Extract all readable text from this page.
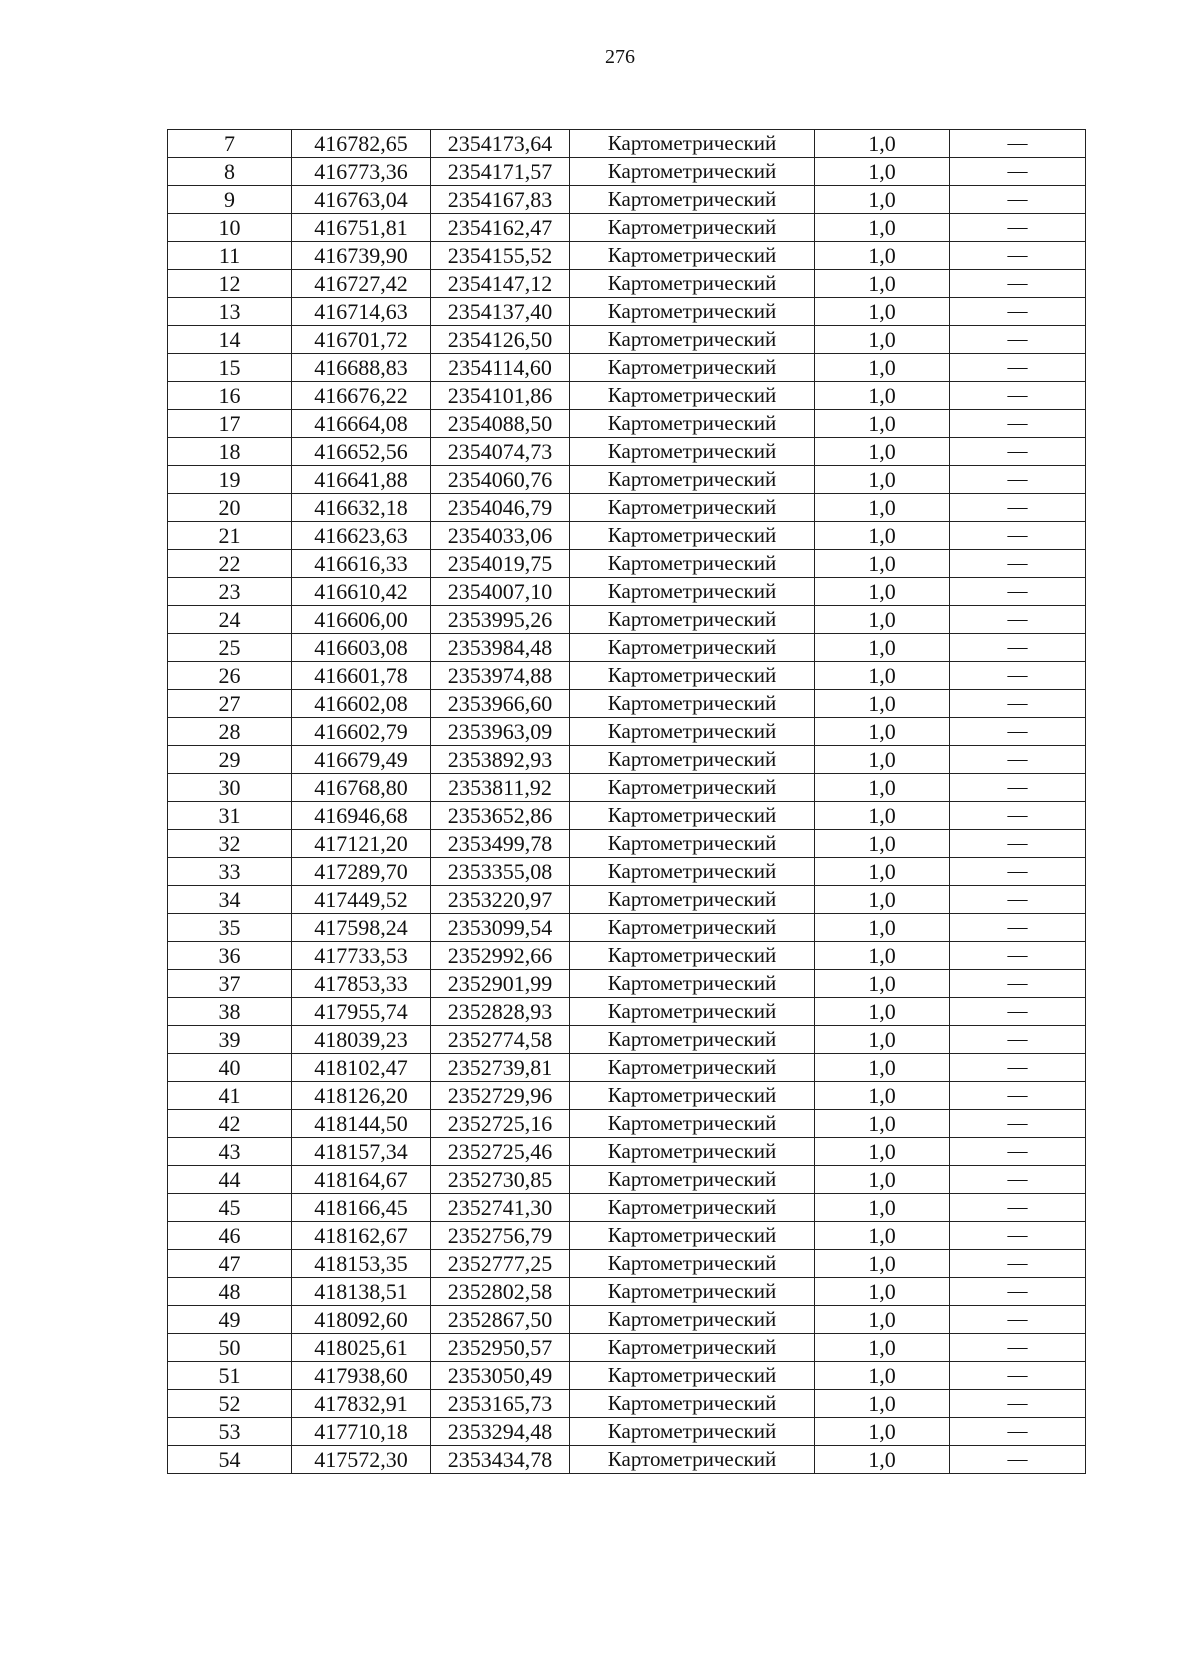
276
7	416782,65	2354173,64	Картометрический	1,0	—
8	416773,36	2354171,57	Картометрический	1,0	—
9	416763,04	2354167,83	Картометрический	1,0	—
10	416751,81	2354162,47	Картометрический	1,0	—
11	416739,90	2354155,52	Картометрический	1,0	—
12	416727,42	2354147,12	Картометрический	1,0	—
13	416714,63	2354137,40	Картометрический	1,0	—
14	416701,72	2354126,50	Картометрический	1,0	—
15	416688,83	2354114,60	Картометрический	1,0	—
16	416676,22	2354101,86	Картометрический	1,0	—
17	416664,08	2354088,50	Картометрический	1,0	—
18	416652,56	2354074,73	Картометрический	1,0	—
19	416641,88	2354060,76	Картометрический	1,0	—
20	416632,18	2354046,79	Картометрический	1,0	—
21	416623,63	2354033,06	Картометрический	1,0	—
22	416616,33	2354019,75	Картометрический	1,0	—
23	416610,42	2354007,10	Картометрический	1,0	—
24	416606,00	2353995,26	Картометрический	1,0	—
25	416603,08	2353984,48	Картометрический	1,0	—
26	416601,78	2353974,88	Картометрический	1,0	—
27	416602,08	2353966,60	Картометрический	1,0	—
28	416602,79	2353963,09	Картометрический	1,0	—
29	416679,49	2353892,93	Картометрический	1,0	—
30	416768,80	2353811,92	Картометрический	1,0	—
31	416946,68	2353652,86	Картометрический	1,0	—
32	417121,20	2353499,78	Картометрический	1,0	—
33	417289,70	2353355,08	Картометрический	1,0	—
34	417449,52	2353220,97	Картометрический	1,0	—
35	417598,24	2353099,54	Картометрический	1,0	—
36	417733,53	2352992,66	Картометрический	1,0	—
37	417853,33	2352901,99	Картометрический	1,0	—
38	417955,74	2352828,93	Картометрический	1,0	—
39	418039,23	2352774,58	Картометрический	1,0	—
40	418102,47	2352739,81	Картометрический	1,0	—
41	418126,20	2352729,96	Картометрический	1,0	—
42	418144,50	2352725,16	Картометрический	1,0	—
43	418157,34	2352725,46	Картометрический	1,0	—
44	418164,67	2352730,85	Картометрический	1,0	—
45	418166,45	2352741,30	Картометрический	1,0	—
46	418162,67	2352756,79	Картометрический	1,0	—
47	418153,35	2352777,25	Картометрический	1,0	—
48	418138,51	2352802,58	Картометрический	1,0	—
49	418092,60	2352867,50	Картометрический	1,0	—
50	418025,61	2352950,57	Картометрический	1,0	—
51	417938,60	2353050,49	Картометрический	1,0	—
52	417832,91	2353165,73	Картометрический	1,0	—
53	417710,18	2353294,48	Картометрический	1,0	—
54	417572,30	2353434,78	Картометрический	1,0	—
